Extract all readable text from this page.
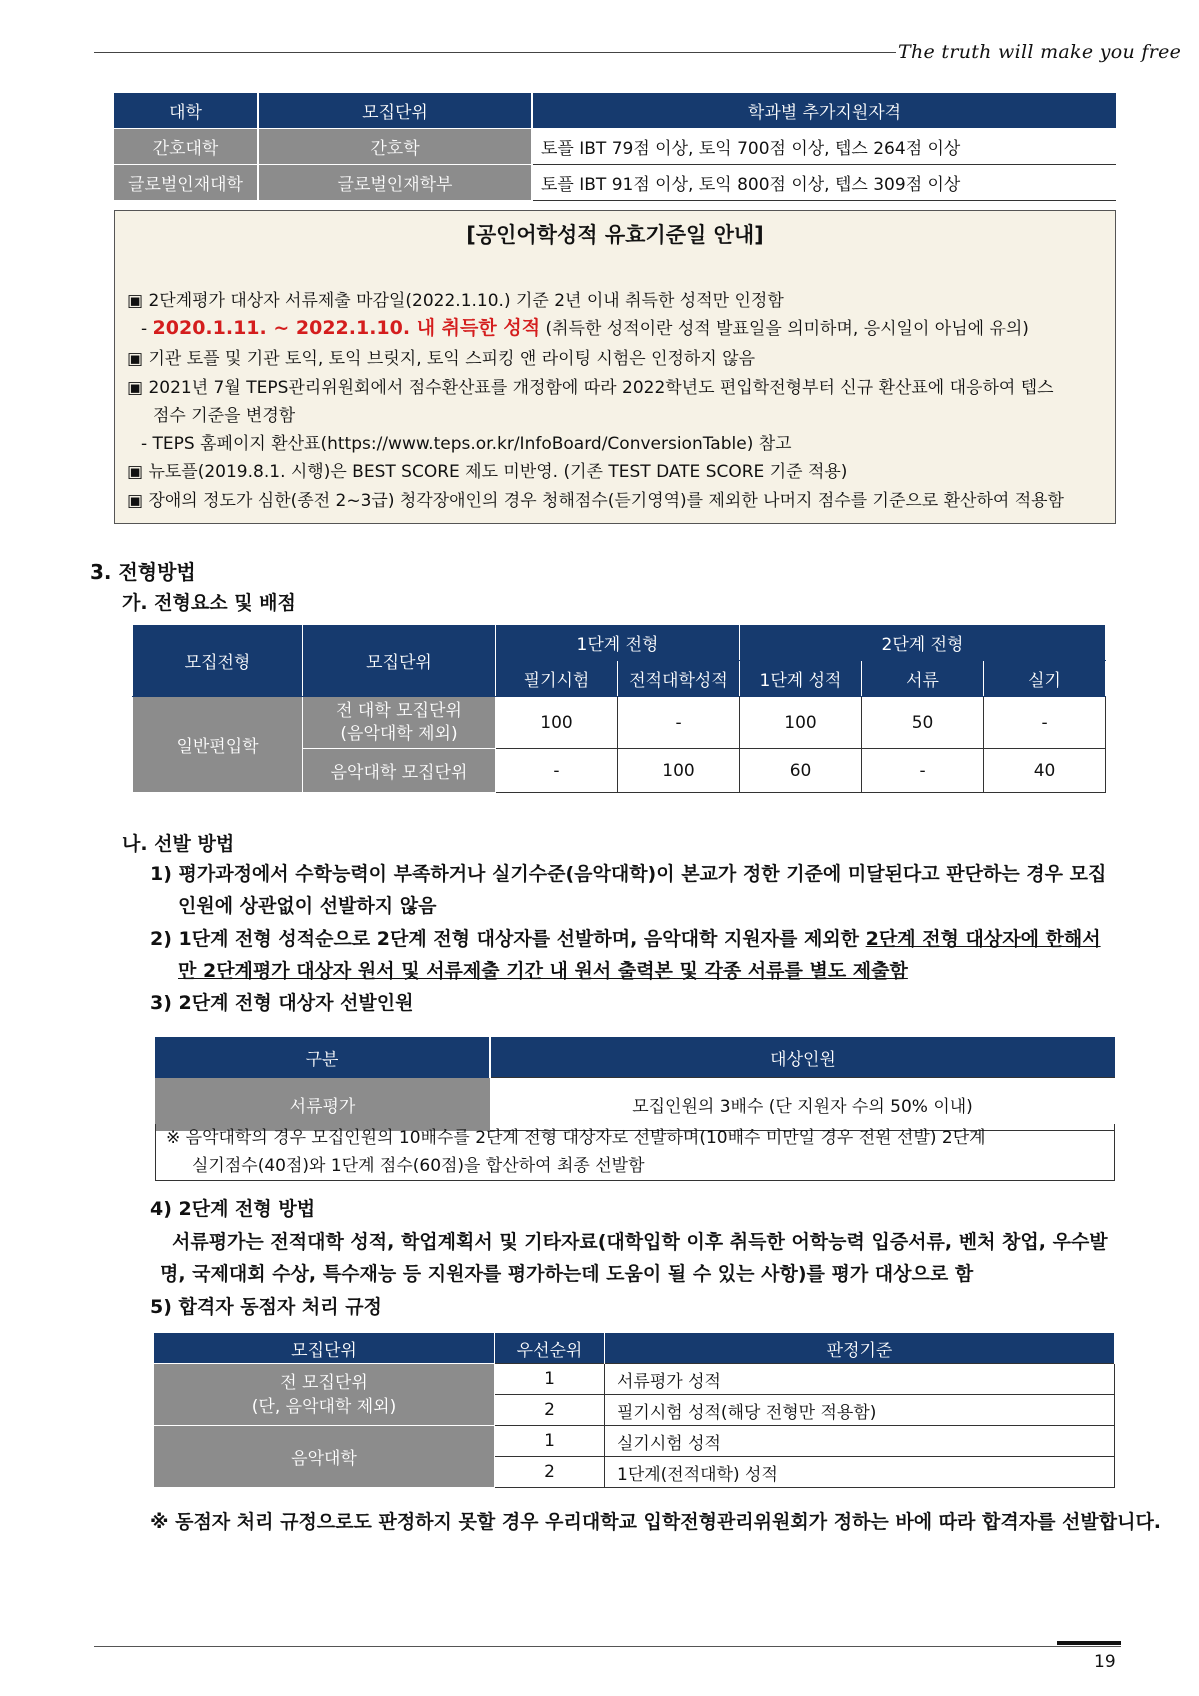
The truth will make you free
대학	모집단위	학과별 추가지원자격
간호대학	간호학	토플 IBT 79점 이상, 토익 700점 이상, 텝스 264점 이상
글로벌인재대학	글로벌인재학부	토플 IBT 91점 이상, 토익 800점 이상, 텝스 309점 이상
[공인어학성적 유효기준일 안내]
▣ 2단계평가 대상자 서류제출 마감일(2022.1.10.) 기준 2년 이내 취득한 성적만 인정함
- 2020.1.11. ~ 2022.1.10. 내 취득한 성적 (취득한 성적이란 성적 발표일을 의미하며, 응시일이 아님에 유의)
▣ 기관 토플 및 기관 토익, 토익 브릿지, 토익 스피킹 앤 라이팅 시험은 인정하지 않음
▣ 2021년 7월 TEPS관리위원회에서 점수환산표를 개정함에 따라 2022학년도 편입학전형부터 신규 환산표에 대응하여 텝스
점수 기준을 변경함
- TEPS 홈페이지 환산표(https://www.teps.or.kr/InfoBoard/ConversionTable) 참고
▣ 뉴토플(2019.8.1. 시행)은 BEST SCORE 제도 미반영. (기존 TEST DATE SCORE 기준 적용)
▣ 장애의 정도가 심한(종전 2~3급) 청각장애인의 경우 청해점수(듣기영역)를 제외한 나머지 점수를 기준으로 환산하여 적용함
3. 전형방법
가. 전형요소 및 배점
모집전형	모집단위	1단계 전형		2단계 전형		
		필기시험	전적대학성적	1단계 성적	서류	실기
일반편입학	전 대학 모집단위
(음악대학 제외)	100	-	100	50	-
	음악대학 모집단위	-	100	60	-	40
나. 선발 방법
1) 평가과정에서 수학능력이 부족하거나 실기수준(음악대학)이 본교가 정한 기준에 미달된다고 판단하는 경우 모집
인원에 상관없이 선발하지 않음
2) 1단계 전형 성적순으로 2단계 전형 대상자를 선발하며, 음악대학 지원자를 제외한 2단계 전형 대상자에 한해서
만 2단계평가 대상자 원서 및 서류제출 기간 내 원서 출력본 및 각종 서류를 별도 제출함
3) 2단계 전형 대상자 선발인원
구분	대상인원
서류평가	모집인원의 3배수 (단 지원자 수의 50% 이내)
※ 음악대학의 경우 모집인원의 10배수를 2단계 전형 대상자로 선발하며(10배수 미만일 경우 전원 선발) 2단계
실기점수(40점)와 1단계 점수(60점)을 합산하여 최종 선발함
4) 2단계 전형 방법
서류평가는 전적대학 성적, 학업계획서 및 기타자료(대학입학 이후 취득한 어학능력 입증서류, 벤처 창업, 우수발
명, 국제대회 수상, 특수재능 등 지원자를 평가하는데 도움이 될 수 있는 사항)를 평가 대상으로 함
5) 합격자 동점자 처리 규정
모집단위	우선순위	판정기준
전 모집단위
(단, 음악대학 제외)	1	서류평가 성적
	2	필기시험 성적(해당 전형만 적용함)
음악대학	1	실기시험 성적
	2	1단계(전적대학) 성적
※ 동점자 처리 규정으로도 판정하지 못할 경우 우리대학교 입학전형관리위원회가 정하는 바에 따라 합격자를 선발합니다.
19
